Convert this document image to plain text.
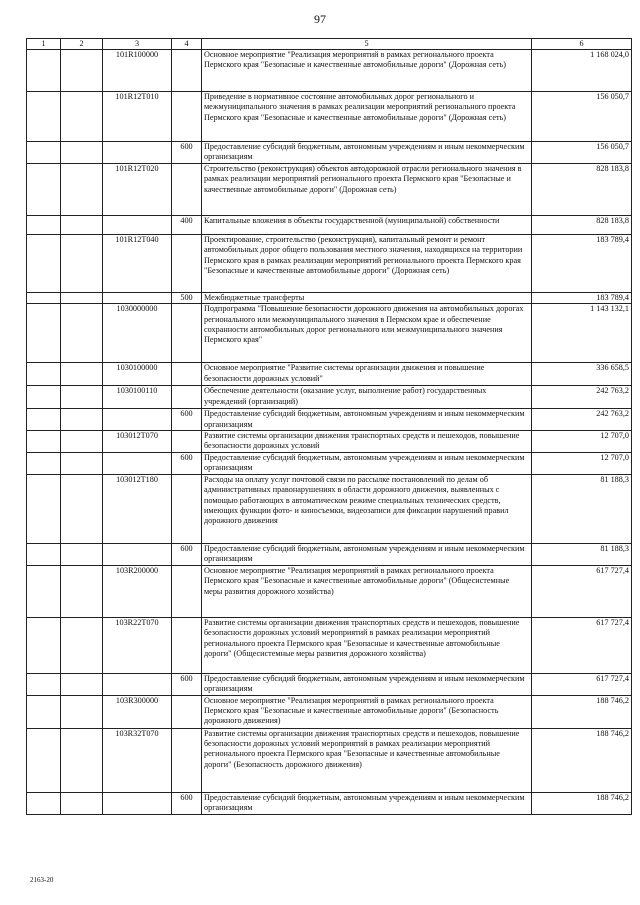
97
1	2	3	4	5	6
		101R100000		Основное мероприятие "Реализация мероприятий в рамках регионального проекта Пермского края "Безопасные и качественные автомобильные дороги" (Дорожная сеть)	1 168 024,0
		101R12T010		Приведение в нормативное состояние автомобильных дорог регионального и межмуниципального значения в рамках реализации мероприятий регионального проекта Пермского края "Безопасные и качественные автомобильные дороги" (Дорожная сеть)	156 050,7
			600	Предоставление субсидий бюджетным, автономным учреждениям и иным некоммерческим организациям	156 050,7
		101R12T020		Строительство (реконструкция) объектов автодорожной отрасли регионального значения в рамках реализации мероприятий регионального проекта Пермского края "Безопасные и качественные автомобильные дороги" (Дорожная сеть)	828 183,8
			400	Капитальные вложения в объекты государственной (муниципальной) собственности	828 183,8
		101R12T040		Проектирование, строительство (реконструкция), капитальный ремонт и ремонт автомобильных дорог общего пользования местного значения, находящихся на территории Пермского края в рамках реализации мероприятий регионального проекта Пермского края "Безопасные и качественные автомобильные дороги" (Дорожная сеть)	183 789,4
			500	Межбюджетные трансферты	183 789,4
		1030000000		Подпрограмма "Повышение безопасности дорожного движения на автомобильных дорогах регионального или межмуниципального значения в Пермском крае и обеспечение сохранности автомобильных дорог регионального или межмуниципального значения Пермского края"	1 143 132,1
		1030100000		Основное мероприятие "Развитие системы организации движения и повышение безопасности дорожных условий"	336 658,5
		1030100110		Обеспечение деятельности (оказание услуг, выполнение работ) государственных учреждений (организаций)	242 763,2
			600	Предоставление субсидий бюджетным, автономным учреждениям и иным некоммерческим организациям	242 763,2
		103012Т070		Развитие системы организации движения транспортных средств и пешеходов, повышение безопасности дорожных условий	12 707,0
			600	Предоставление субсидий бюджетным, автономным учреждениям и иным некоммерческим организациям	12 707,0
		103012Т180		Расходы на оплату услуг почтовой связи по рассылке постановлений по делам об административных правонарушениях в области дорожного движения, выявленных с помощью работающих в автоматическом режиме специальных технических средств, имеющих функции фото- и киносъемки, видеозаписи для фиксации нарушений правил дорожного движения	81 188,3
			600	Предоставление субсидий бюджетным, автономным учреждениям и иным некоммерческим организациям	81 188,3
		103R200000		Основное мероприятие "Реализация мероприятий в рамках регионального проекта Пермского края "Безопасные и качественные автомобильные дороги" (Общесистемные меры развития дорожного хозяйства)	617 727,4
		103R22Т070		Развитие системы организации движения транспортных средств и пешеходов, повышение безопасности дорожных условий мероприятий в рамках реализации мероприятий регионального проекта Пермского края "Безопасные и качественные автомобильные дороги" (Общесистемные меры развития дорожного хозяйства)	617 727,4
			600	Предоставление субсидий бюджетным, автономным учреждениям и иным некоммерческим организациям	617 727,4
		103R300000		Основное мероприятие "Реализация мероприятий в рамках регионального проекта Пермского края "Безопасные и качественные автомобильные дороги" (Безопасность дорожного движения)	188 746,2
		103R32Т070		Развитие системы организации движения транспортных средств и пешеходов, повышение безопасности дорожных условий мероприятий в рамках реализации мероприятий регионального проекта Пермского края "Безопасные и качественные автомобильные дороги" (Безопасность дорожного движения)	188 746,2
			600	Предоставление субсидий бюджетным, автономным учреждениям и иным некоммерческим организациям	188 746,2
2163-20
